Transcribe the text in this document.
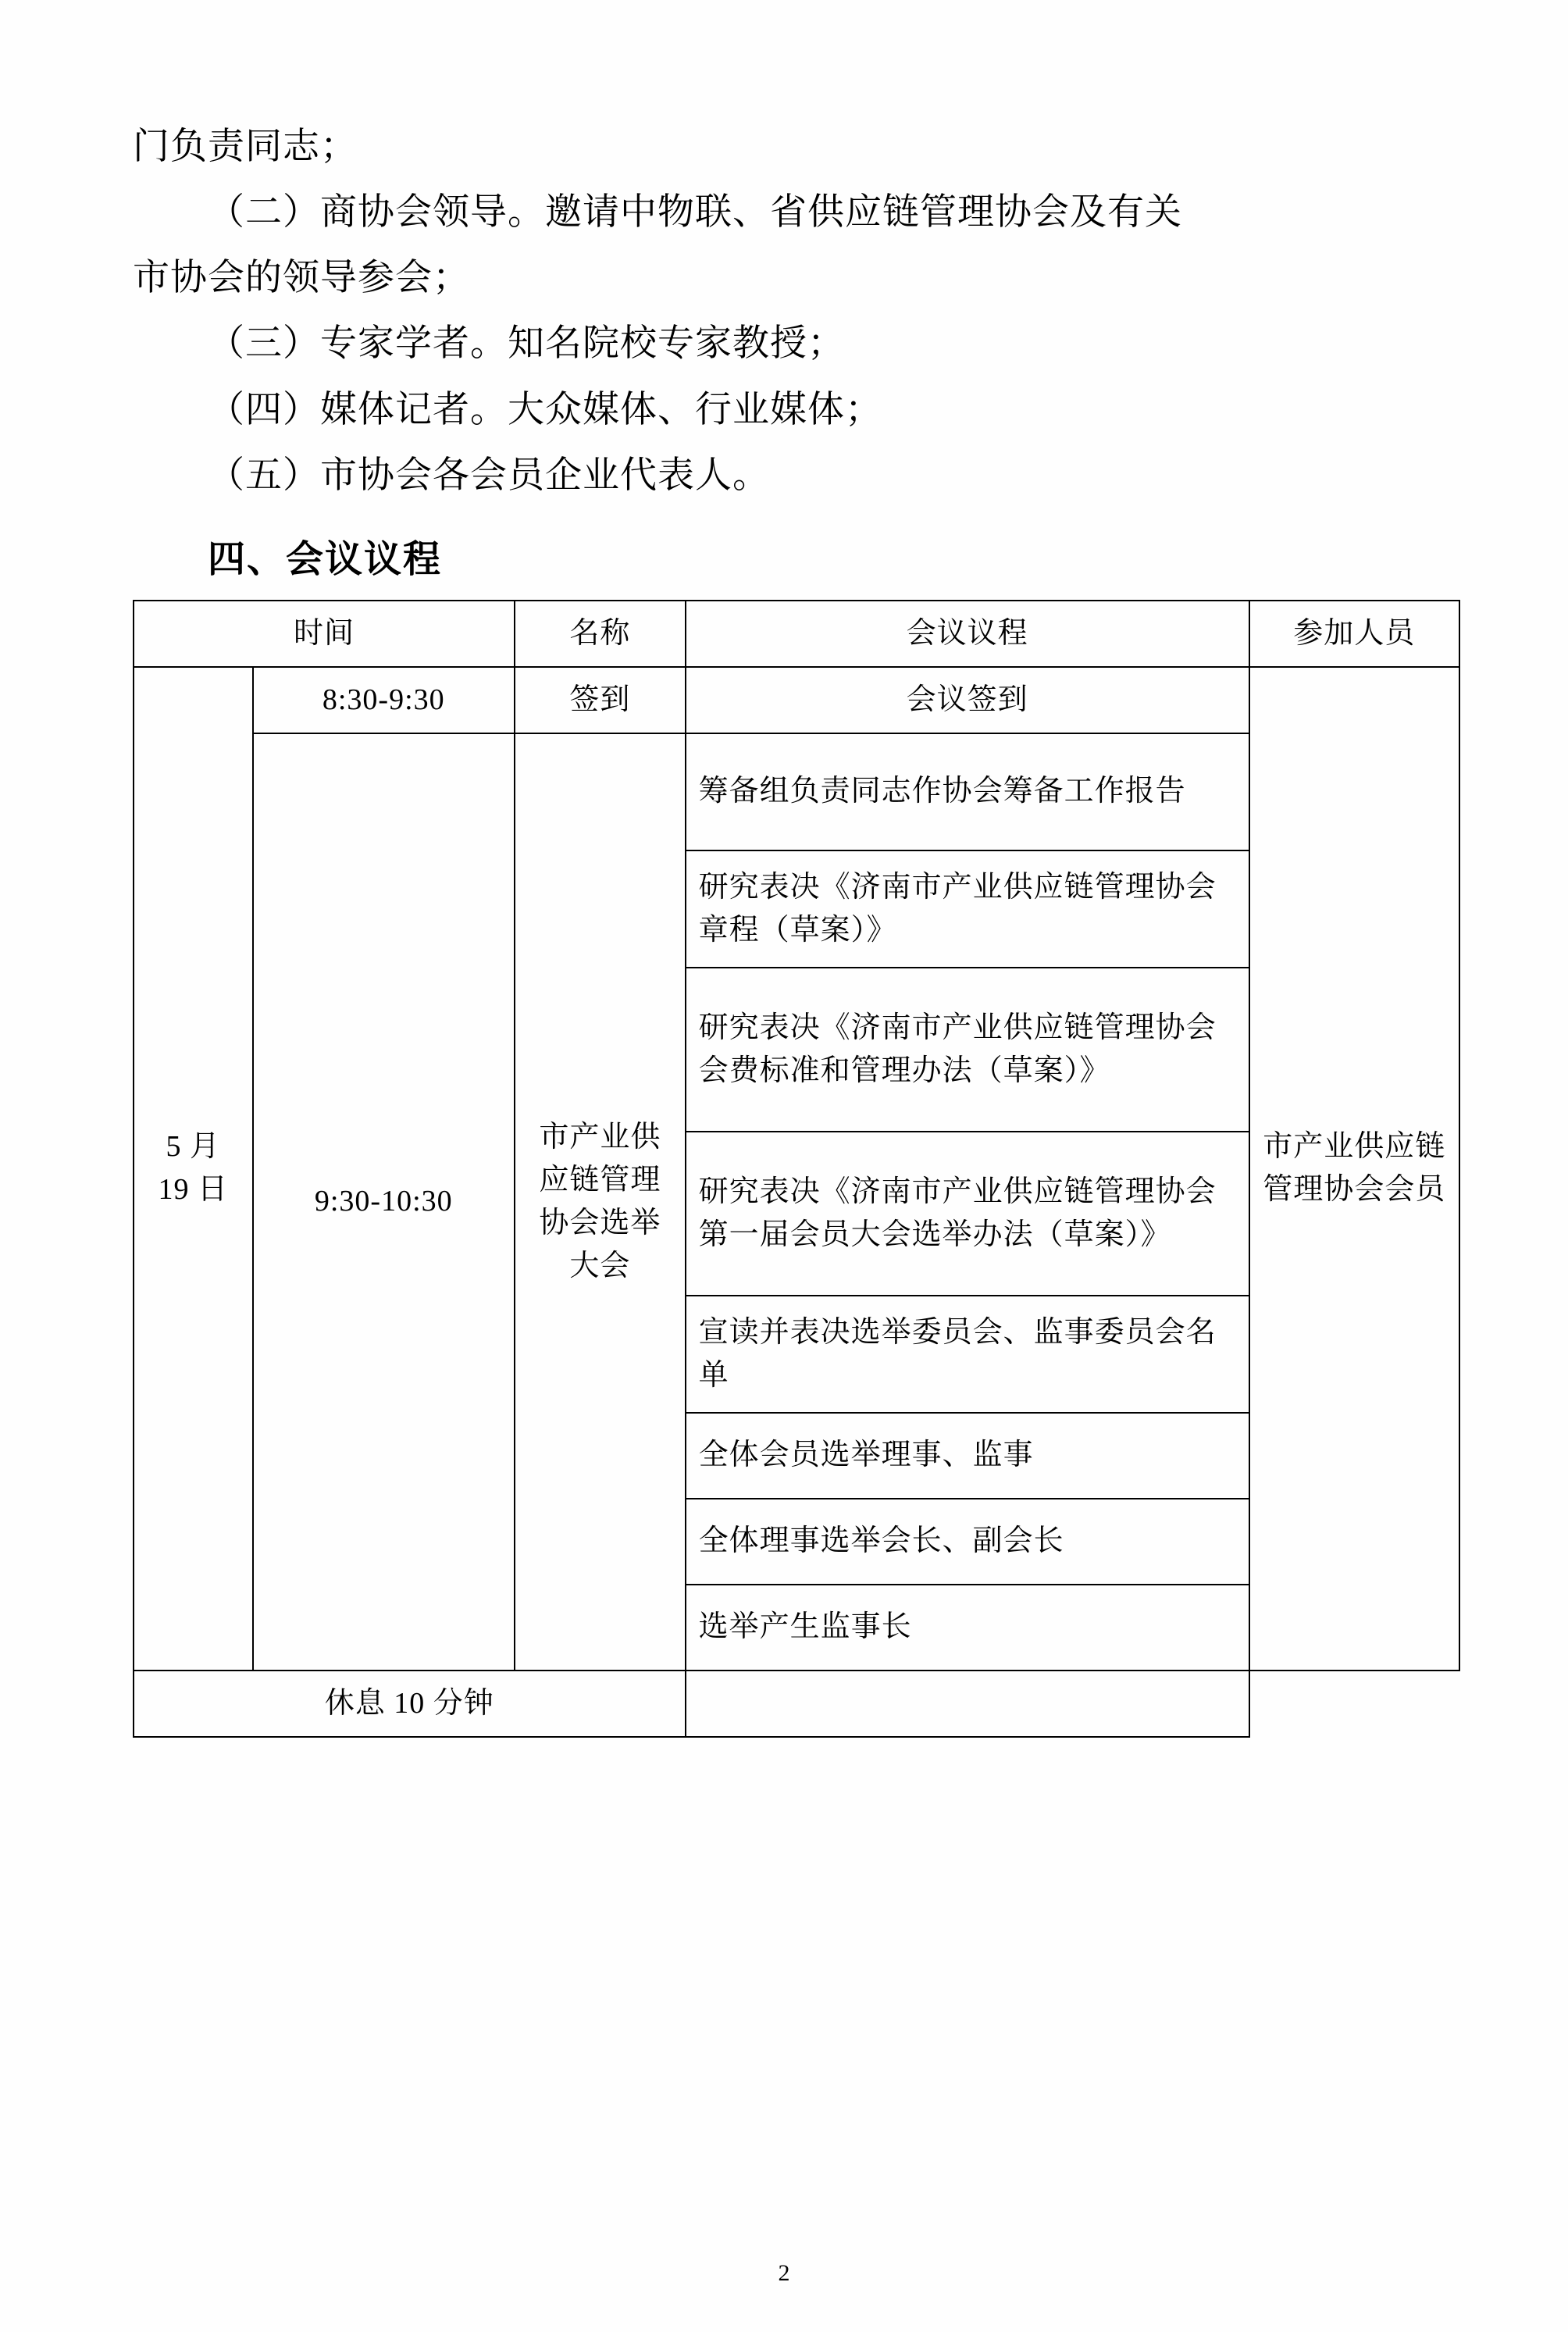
门负责同志；

（二）商协会领导。邀请中物联、省供应链管理协会及有关

市协会的领导参会；

（三）专家学者。知名院校专家教授；

（四）媒体记者。大众媒体、行业媒体；

（五）市协会各会员企业代表人。

四、会议议程
时间		名称	会议议程	参加人员

5 月
19 日	8:30-9:30	签到	会议签到	市产业供应链管理协会会员
	9:30-10:30	市产业供应链管理协会选举大会	筹备组负责同志作协会筹备工作报告	
			研究表决《济南市产业供应链管理协会章程（草案）》	
			研究表决《济南市产业供应链管理协会会费标准和管理办法（草案）》	
			研究表决《济南市产业供应链管理协会第一届会员大会选举办法（草案）》	
			宣读并表决选举委员会、监事委员会名单	
			全体会员选举理事、监事	
			全体理事选举会长、副会长	
			选举产生监事长	
休息 10 分钟				
2
